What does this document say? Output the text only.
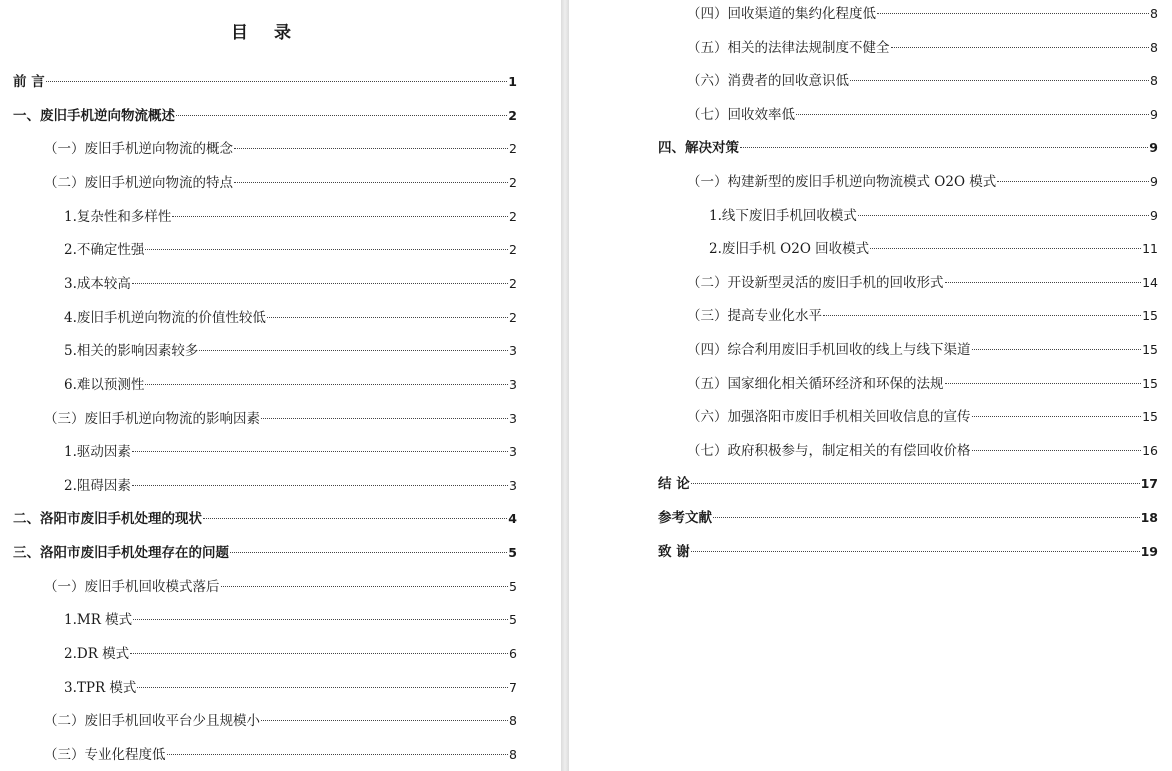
目 录
前 言	1
一、废旧手机逆向物流概述	2
（一）废旧手机逆向物流的概念	2
（二）废旧手机逆向物流的特点	2
1.复杂性和多样性	2
2.不确定性强	2
3.成本较高	2
4.废旧手机逆向物流的价值性较低	2
5.相关的影响因素较多	3
6.难以预测性	3
（三）废旧手机逆向物流的影响因素	3
1.驱动因素	3
2.阻碍因素	3
二、洛阳市废旧手机处理的现状	4
三、洛阳市废旧手机处理存在的问题	5
（一）废旧手机回收模式落后	5
1.MR 模式	5
2.DR 模式	6
3.TPR 模式	7
（二）废旧手机回收平台少且规模小	8
（三）专业化程度低	8
（四）回收渠道的集约化程度低	8
（五）相关的法律法规制度不健全	8
（六）消费者的回收意识低	8
（七）回收效率低	9
四、解决对策	9
（一）构建新型的废旧手机逆向物流模式 O2O 模式	9
1.线下废旧手机回收模式	9
2.废旧手机 O2O 回收模式	11
（二）开设新型灵活的废旧手机的回收形式	14
（三）提高专业化水平	15
（四）综合利用废旧手机回收的线上与线下渠道	15
（五）国家细化相关循环经济和环保的法规	15
（六）加强洛阳市废旧手机相关回收信息的宣传	15
（七）政府积极参与，制定相关的有偿回收价格	16
结 论	17
参考文献	18
致 谢	19
